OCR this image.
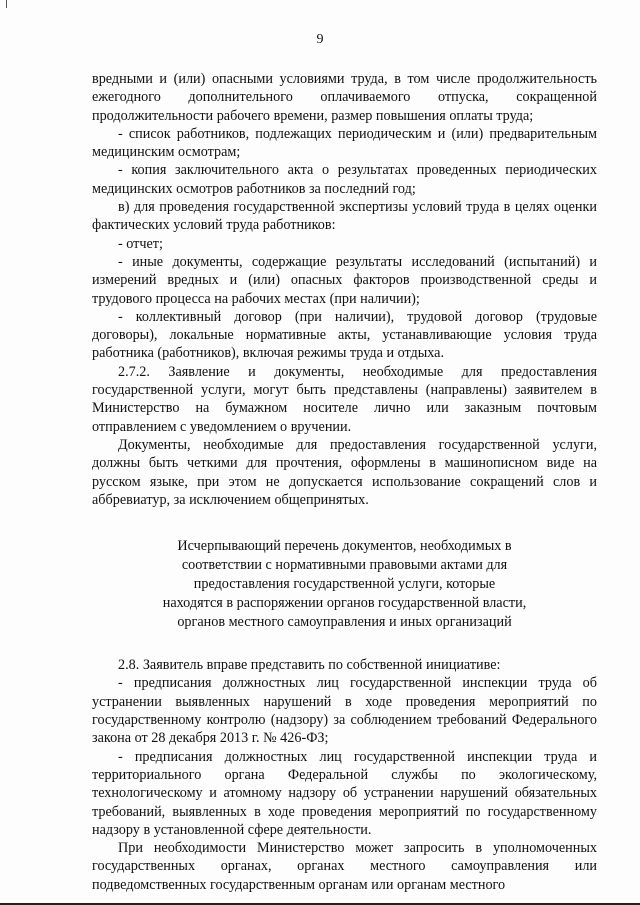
9

вредными и (или) опасными условиями труда, в том числе продолжительность ежегодного дополнительного оплачиваемого отпуска, сокращенной продолжительности рабочего времени, размер повышения оплаты труда;

- список работников, подлежащих периодическим и (или) предварительным медицинским осмотрам;

- копия заключительного акта о результатах проведенных периодических медицинских осмотров работников за последний год;

в) для проведения государственной экспертизы условий труда в целях оценки фактических условий труда работников:

- отчет;

- иные документы, содержащие результаты исследований (испытаний) и измерений вредных и (или) опасных факторов производственной среды и трудового процесса на рабочих местах (при наличии);

- коллективный договор (при наличии), трудовой договор (трудовые договоры), локальные нормативные акты, устанавливающие условия труда работника (работников), включая режимы труда и отдыха.

2.7.2. Заявление и документы, необходимые для предоставления государственной услуги, могут быть представлены (направлены) заявителем в Министерство на бумажном носителе лично или заказным почтовым отправлением с уведомлением о вручении.

Документы, необходимые для предоставления государственной услуги, должны быть четкими для прочтения, оформлены в машинописном виде на русском языке, при этом не допускается использование сокращений слов и аббревиатур, за исключением общепринятых.

Исчерпывающий перечень документов, необходимых в
соответствии с нормативными правовыми актами для
предоставления государственной услуги, которые
находятся в распоряжении органов государственной власти,
органов местного самоуправления и иных организаций

2.8. Заявитель вправе представить по собственной инициативе:

- предписания должностных лиц государственной инспекции труда об устранении выявленных нарушений в ходе проведения мероприятий по государственному контролю (надзору) за соблюдением требований Федерального закона от 28 декабря 2013 г. № 426-ФЗ;

- предписания должностных лиц государственной инспекции труда и территориального органа Федеральной службы по экологическому, технологическому и атомному надзору об устранении нарушений обязательных требований, выявленных в ходе проведения мероприятий по государственному надзору в установленной сфере деятельности.

При необходимости Министерство может запросить в уполномоченных государственных органах, органах местного самоуправления или подведомственных государственным органам или органам местного
